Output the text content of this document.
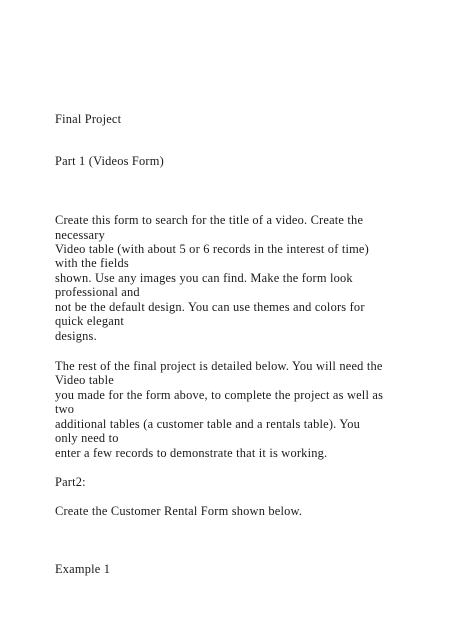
Final Project
Part 1 (Videos Form)
Create this form to search for the title of a video. Create the
necessary
Video table (with about 5 or 6 records in the interest of time)
with the fields
shown. Use any images you can find. Make the form look
professional and
not be the default design. You can use themes and colors for
quick elegant
designs.
The rest of the final project is detailed below. You will need the
Video table
you made for the form above, to complete the project as well as
two
additional tables (a customer table and a rentals table). You
only need to
enter a few records to demonstrate that it is working.
Part2:
Create the Customer Rental Form shown below.
Example 1
